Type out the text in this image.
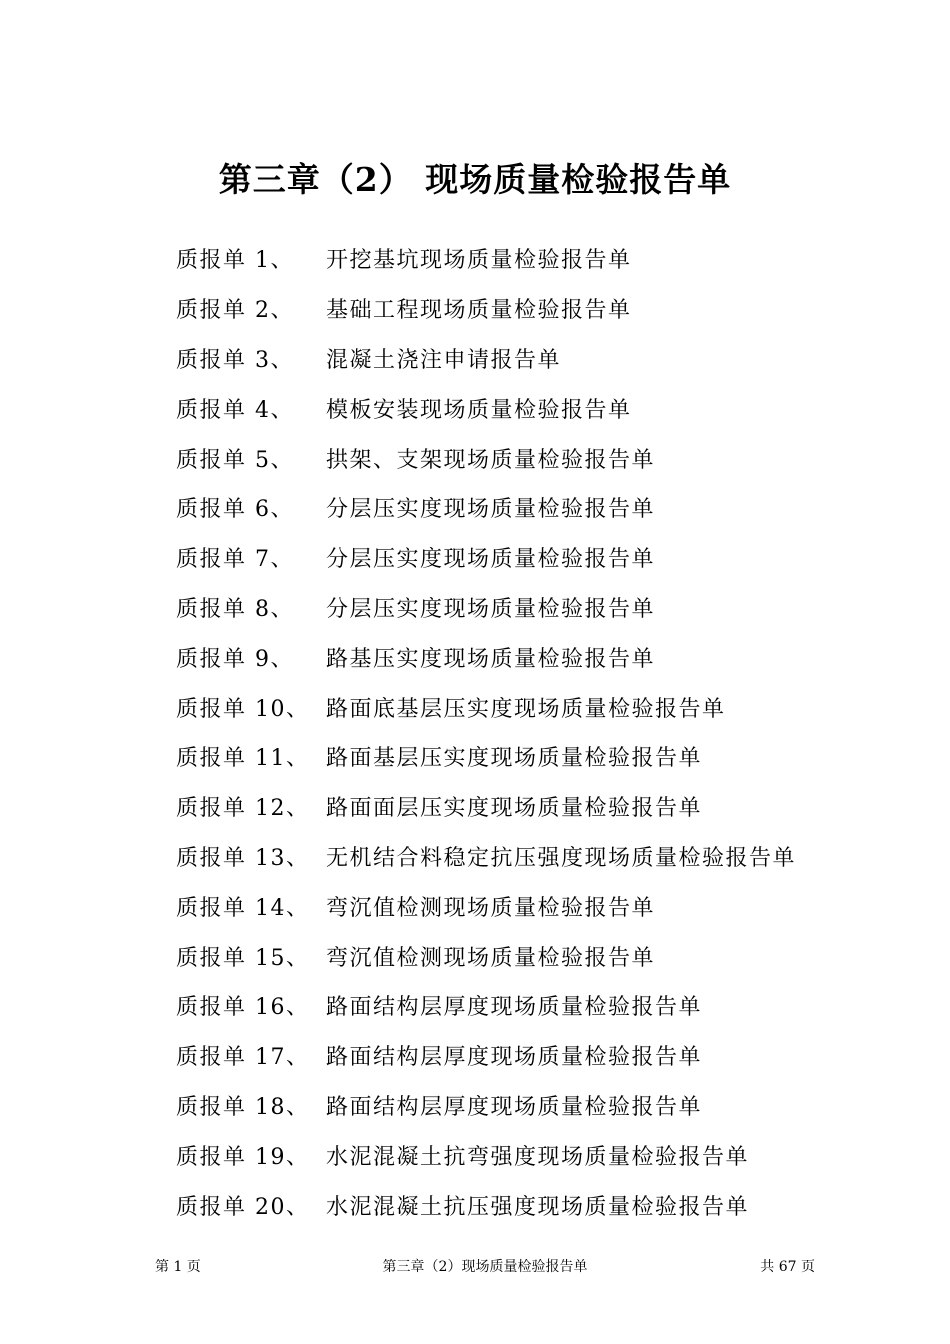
第三章（2） 现场质量检验报告单
质报单 1、	开挖基坑现场质量检验报告单
质报单 2、	基础工程现场质量检验报告单
质报单 3、	混凝土浇注申请报告单
质报单 4、	模板安装现场质量检验报告单
质报单 5、	拱架、支架现场质量检验报告单
质报单 6、	分层压实度现场质量检验报告单
质报单 7、	分层压实度现场质量检验报告单
质报单 8、	分层压实度现场质量检验报告单
质报单 9、	路基压实度现场质量检验报告单
质报单 10、 路面底基层压实度现场质量检验报告单
质报单 11、 路面基层压实度现场质量检验报告单
质报单 12、 路面面层压实度现场质量检验报告单
质报单 13、 无机结合料稳定抗压强度现场质量检验报告单
质报单 14、 弯沉值检测现场质量检验报告单
质报单 15、 弯沉值检测现场质量检验报告单
质报单 16、 路面结构层厚度现场质量检验报告单
质报单 17、 路面结构层厚度现场质量检验报告单
质报单 18、 路面结构层厚度现场质量检验报告单
质报单 19、 水泥混凝土抗弯强度现场质量检验报告单
质报单 20、 水泥混凝土抗压强度现场质量检验报告单
第 1 页	第三章（2）现场质量检验报告单	共 67 页
